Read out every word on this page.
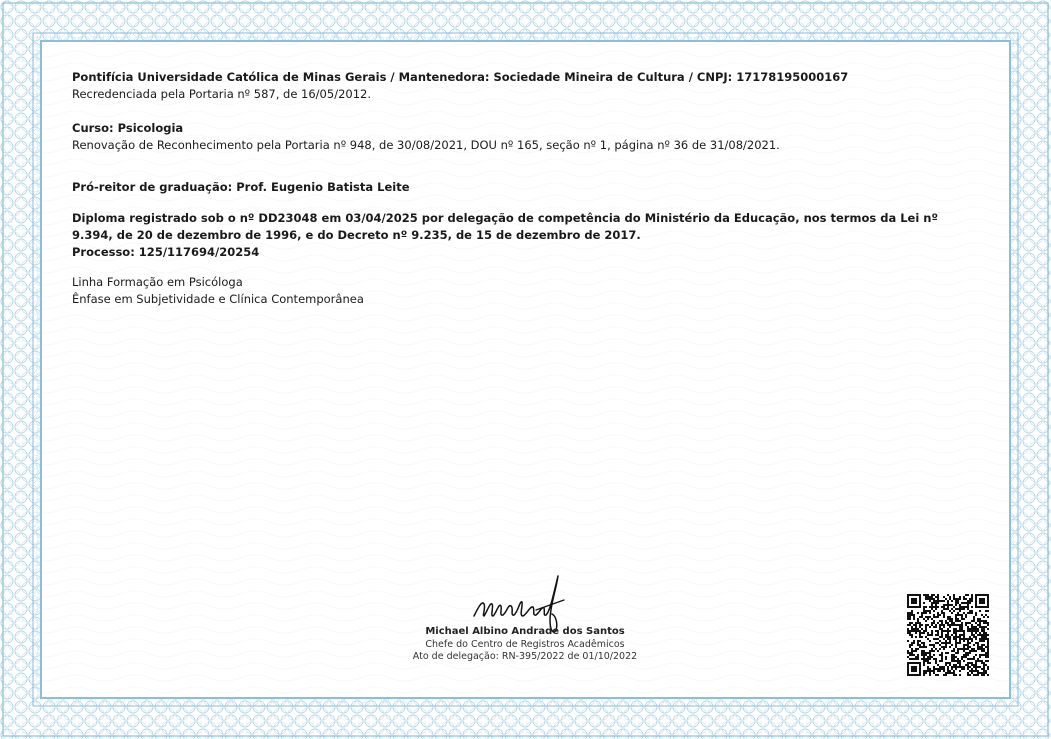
Pontifícia Universidade Católica de Minas Gerais / Mantenedora: Sociedade Mineira de Cultura / CNPJ: 17178195000167

Recredenciada pela Portaria nº 587, de 16/05/2012.

Curso: Psicologia

Renovação de Reconhecimento pela Portaria nº 948, de 30/08/2021, DOU nº 165, seção nº 1, página nº 36 de 31/08/2021.

Pró-reitor de graduação: Prof. Eugenio Batista Leite

Diploma registrado sob o nº DD23048 em 03/04/2025 por delegação de competência do Ministério da Educação, nos termos da Lei nº 9.394, de 20 de dezembro de 1996, e do Decreto nº 9.235, de 15 de dezembro de 2017.

Processo: 125/117694/20254

Linha Formação em Psicóloga

Ênfase em Subjetividade e Clínica Contemporânea

Michael Albino Andrade dos Santos
Chefe do Centro de Registros Acadêmicos
Ato de delegação: RN-395/2022 de 01/10/2022
